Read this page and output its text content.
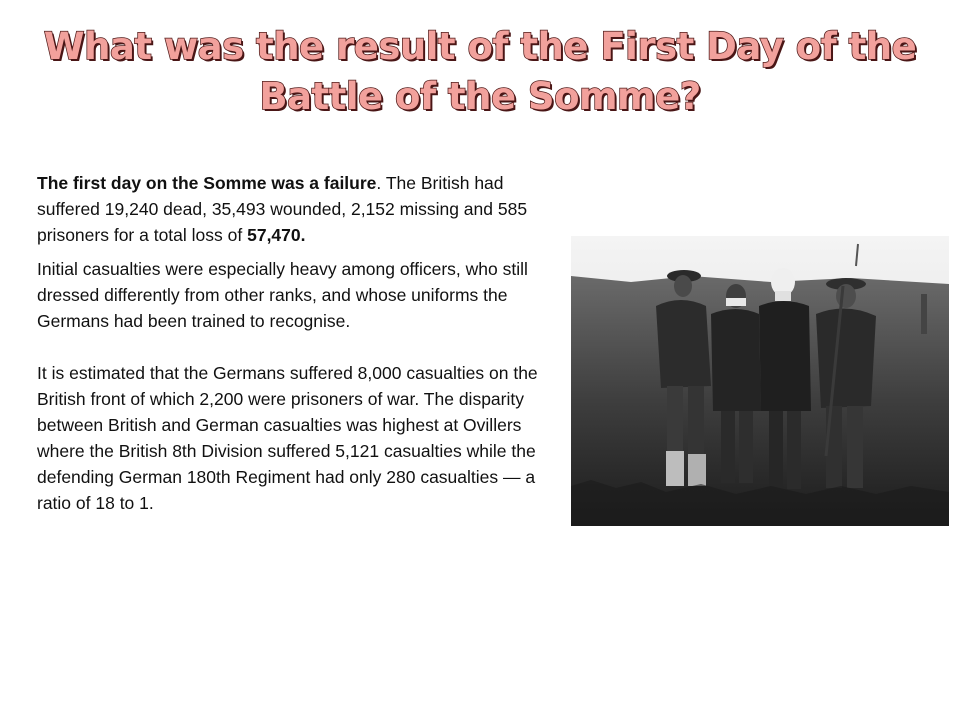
What was the result of the First Day of the
Battle of the Somme?

The first day on the Somme was a failure. The British had suffered 19,240 dead, 35,493 wounded, 2,152 missing and 585 prisoners for a total loss of 57,470.

Initial casualties were especially heavy among officers, who still dressed differently from other ranks, and whose uniforms the Germans had been trained to recognise.

It is estimated that the Germans suffered 8,000 casualties on the British front of which 2,200 were prisoners of war. The disparity between British and German casualties was highest at Ovillers where the British 8th Division suffered 5,121 casualties while the defending German 180th Regiment had only 280 casualties — a ratio of 18 to 1.
